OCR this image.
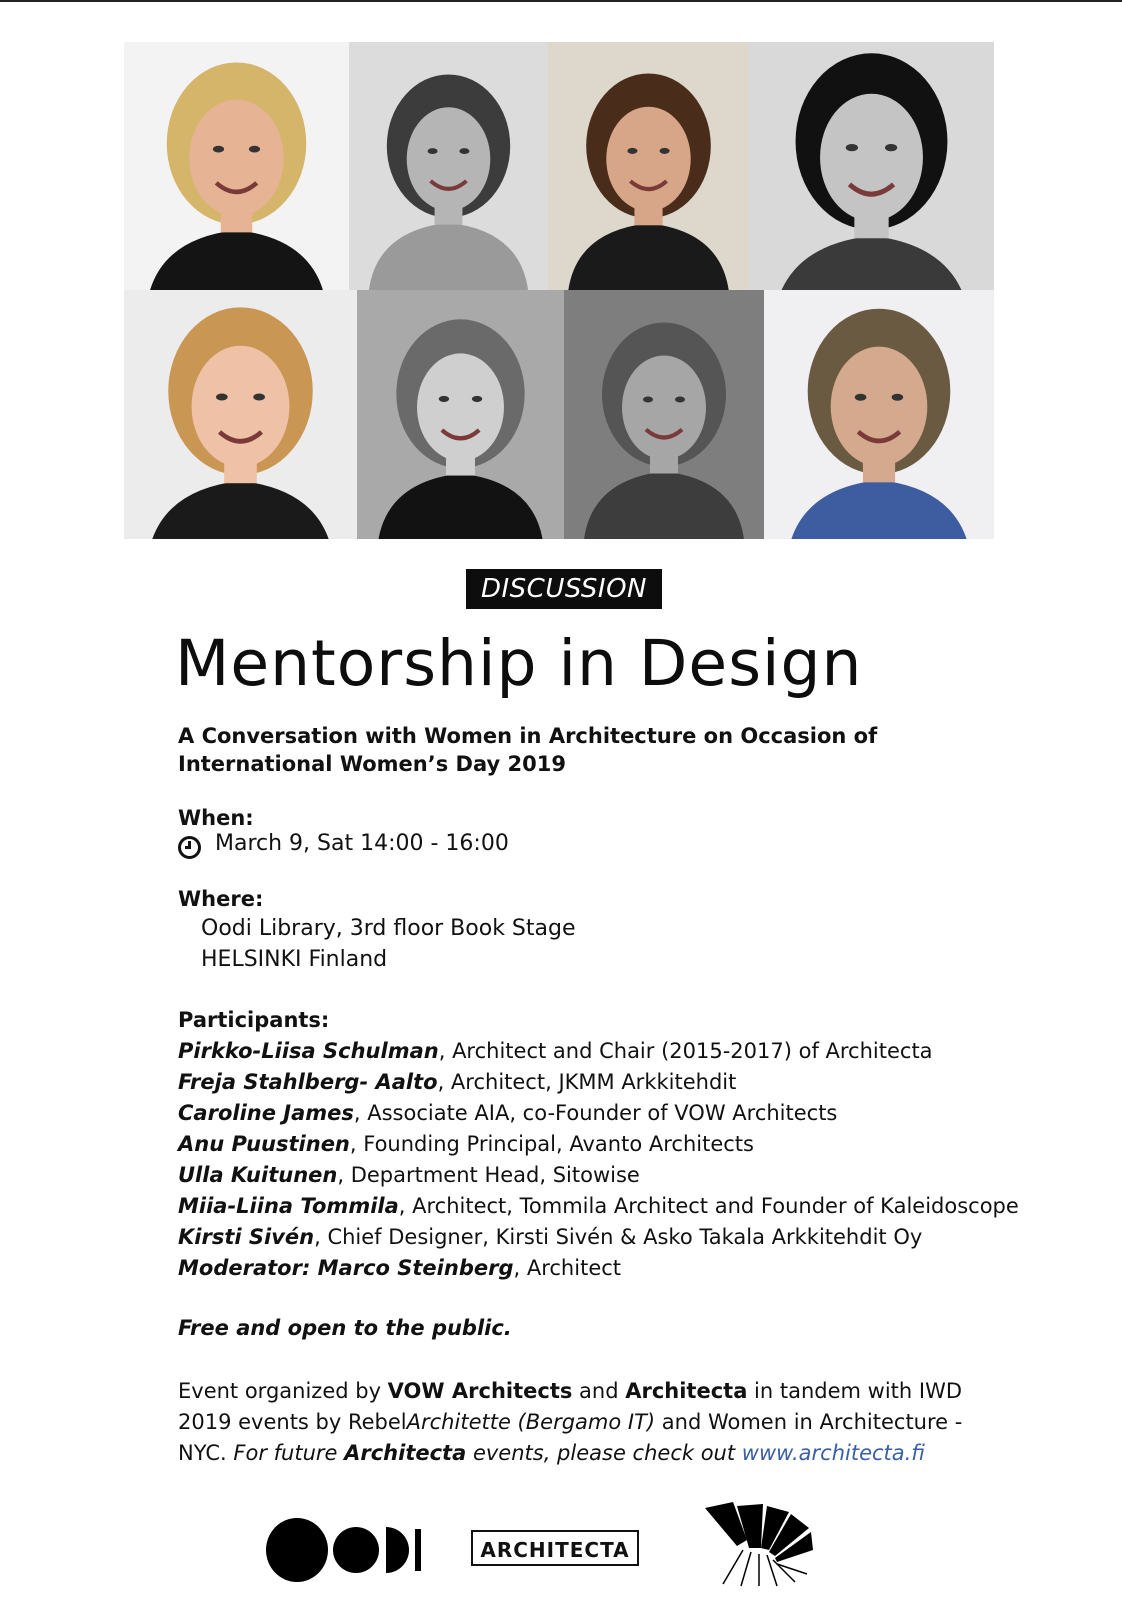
DISCUSSION
Mentorship in Design

A Conversation with Women in Architecture on Occasion of International Women’s Day 2019

When:
March 9, Sat 14:00 - 16:00
Where:
Oodi Library, 3rd floor Book Stage
HELSINKI Finland
Participants:
Pirkko-Liisa Schulman, Architect and Chair (2015-2017) of Architecta
Freja Stahlberg- Aalto, Architect, JKMM Arkkitehdit
Caroline James, Associate AIA, co-Founder of VOW Architects
Anu Puustinen, Founding Principal, Avanto Architects
Ulla Kuitunen, Department Head, Sitowise
Miia-Liina Tommila, Architect, Tommila Architect and Founder of Kaleidoscope
Kirsti Sivén, Chief Designer, Kirsti Sivén & Asko Takala Arkkitehdit Oy
Moderator: Marco Steinberg, Architect
Free and open to the public.

Event organized by VOW Architects and Architecta in tandem with IWD 2019 events by RebelArchitette (Bergamo IT) and Women in Architecture - NYC. For future Architecta events, please check out www.architecta.fi

ARCHITECTA
